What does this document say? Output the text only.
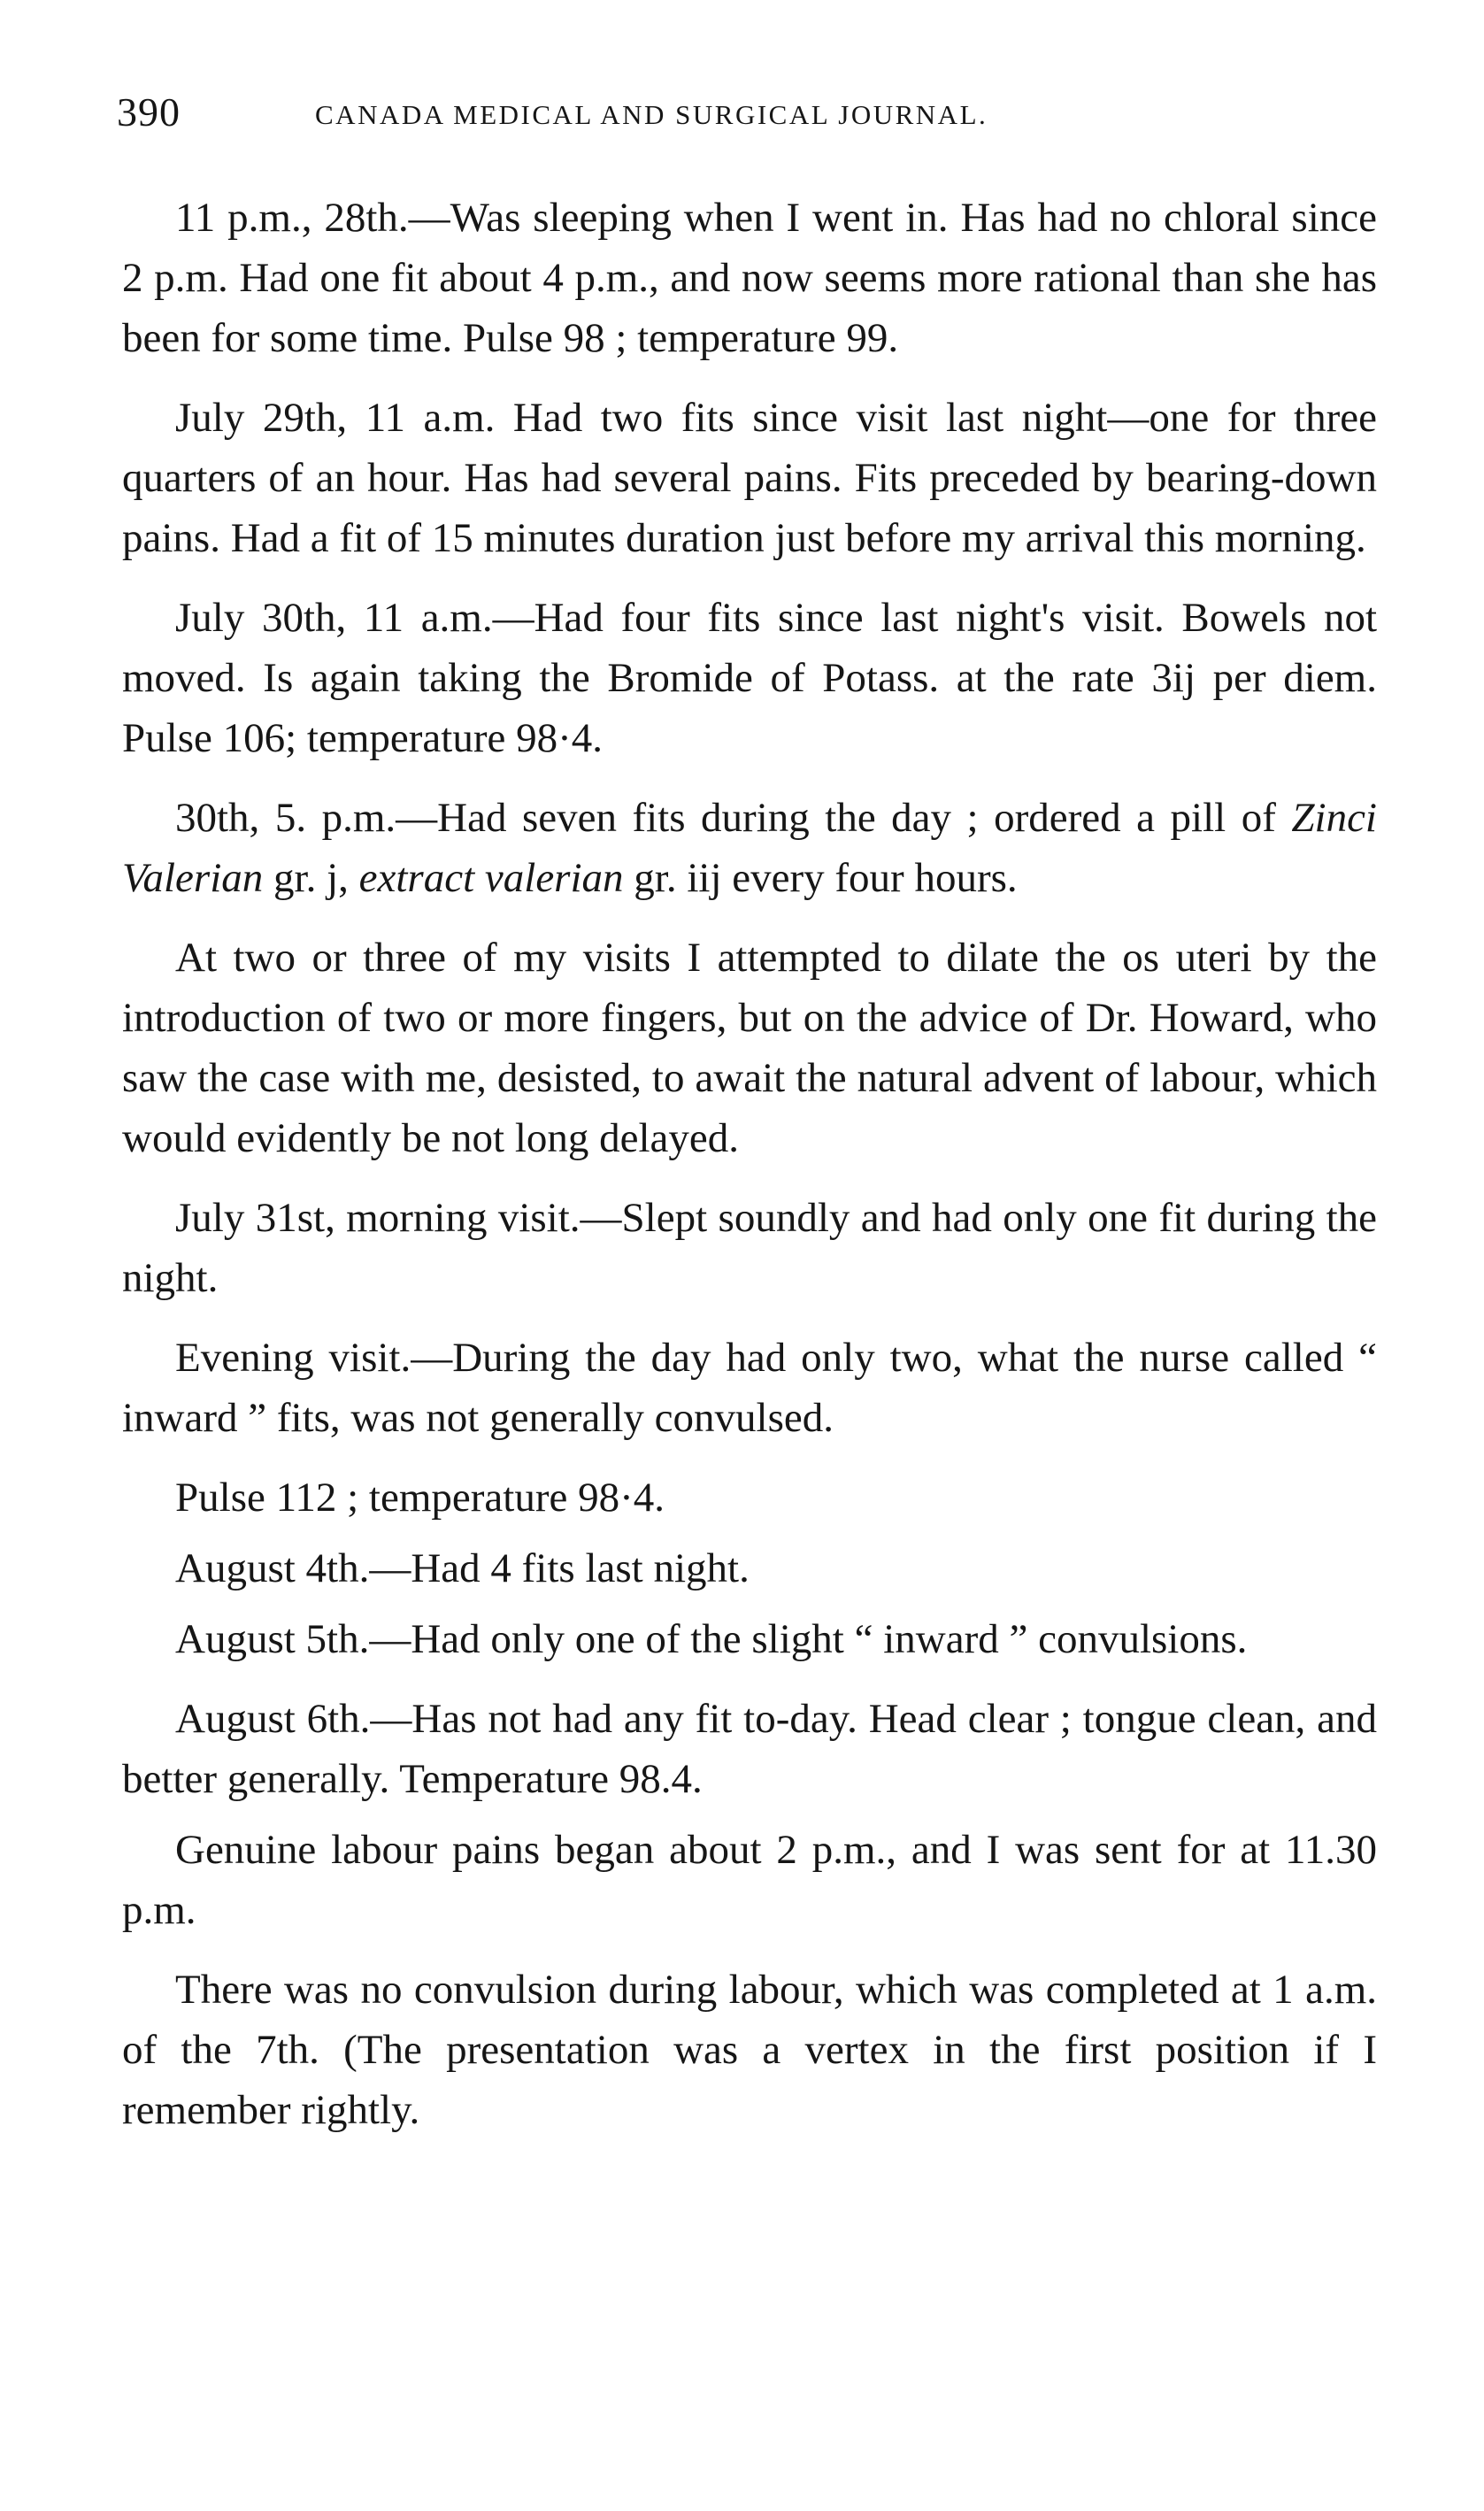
390	CANADA MEDICAL AND SURGICAL JOURNAL.

11 p.m., 28th.—Was sleeping when I went in. Has had no chloral since 2 p.m. Had one fit about 4 p.m., and now seems more rational than she has been for some time. Pulse 98 ; temperature 99.

July 29th, 11 a.m. Had two fits since visit last night—one for three quarters of an hour. Has had several pains. Fits preceded by bearing-down pains. Had a fit of 15 minutes duration just before my arrival this morning.

July 30th, 11 a.m.—Had four fits since last night's visit. Bowels not moved. Is again taking the Bromide of Potass. at the rate 3ij per diem. Pulse 106; temperature 98·4.

30th, 5. p.m.—Had seven fits during the day ; ordered a pill of Zinci Valerian gr. j, extract valerian gr. iij every four hours.

At two or three of my visits I attempted to dilate the os uteri by the introduction of two or more fingers, but on the advice of Dr. Howard, who saw the case with me, desisted, to await the natural advent of labour, which would evidently be not long delayed.

July 31st, morning visit.—Slept soundly and had only one fit during the night.

Evening visit.—During the day had only two, what the nurse called “ inward ” fits, was not generally convulsed.

Pulse 112 ; temperature 98·4.

August 4th.—Had 4 fits last night.

August 5th.—Had only one of the slight “ inward ” convulsions.

August 6th.—Has not had any fit to-day. Head clear ; tongue clean, and better generally. Temperature 98.4.

Genuine labour pains began about 2 p.m., and I was sent for at 11.30 p.m.

There was no convulsion during labour, which was completed at 1 a.m. of the 7th. (The presentation was a vertex in the first position if I remember rightly.
